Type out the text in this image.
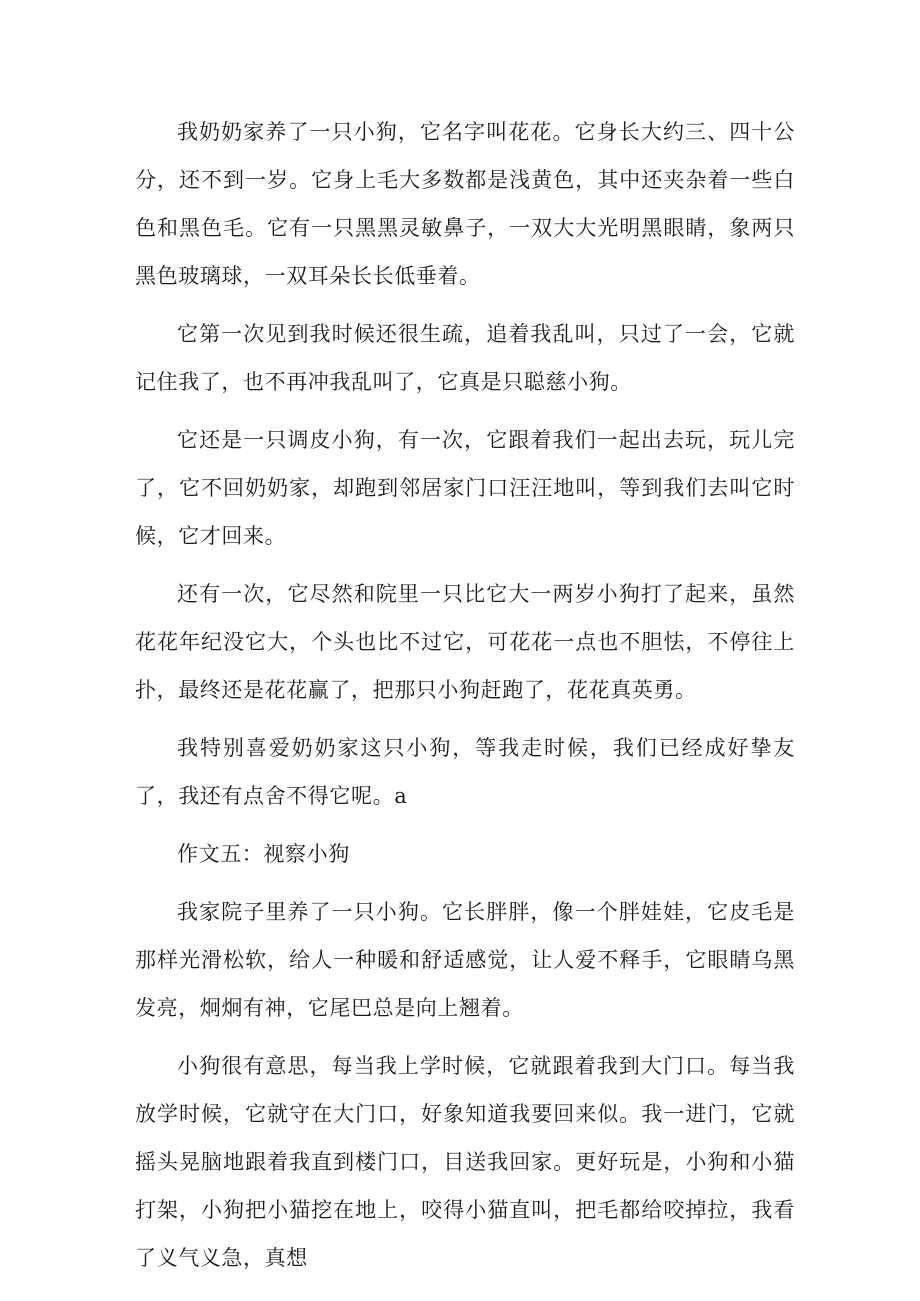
我奶奶家养了一只小狗，它名字叫花花。它身长大约三、四十公分，还不到一岁。它身上毛大多数都是浅黄色，其中还夹杂着一些白色和黑色毛。它有一只黑黑灵敏鼻子，一双大大光明黑眼睛，象两只黑色玻璃球，一双耳朵长长低垂着。

它第一次见到我时候还很生疏，追着我乱叫，只过了一会，它就记住我了，也不再冲我乱叫了，它真是只聪慈小狗。

它还是一只调皮小狗，有一次，它跟着我们一起出去玩，玩儿完了，它不回奶奶家，却跑到邻居家门口汪汪地叫，等到我们去叫它时候，它才回来。

还有一次，它尽然和院里一只比它大一两岁小狗打了起来，虽然花花年纪没它大，个头也比不过它，可花花一点也不胆怯，不停往上扑，最终还是花花赢了，把那只小狗赶跑了，花花真英勇。

我特别喜爱奶奶家这只小狗，等我走时候，我们已经成好挚友了，我还有点舍不得它呢。a

作文五：视察小狗

我家院子里养了一只小狗。它长胖胖，像一个胖娃娃，它皮毛是那样光滑松软，给人一种暖和舒适感觉，让人爱不释手，它眼睛乌黑发亮，炯炯有神，它尾巴总是向上翘着。

小狗很有意思，每当我上学时候，它就跟着我到大门口。每当我放学时候，它就守在大门口，好象知道我要回来似。我一进门，它就摇头晃脑地跟着我直到楼门口，目送我回家。更好玩是，小狗和小猫打架，小狗把小猫挖在地上，咬得小猫直叫，把毛都给咬掉拉，我看了义气义急，真想
